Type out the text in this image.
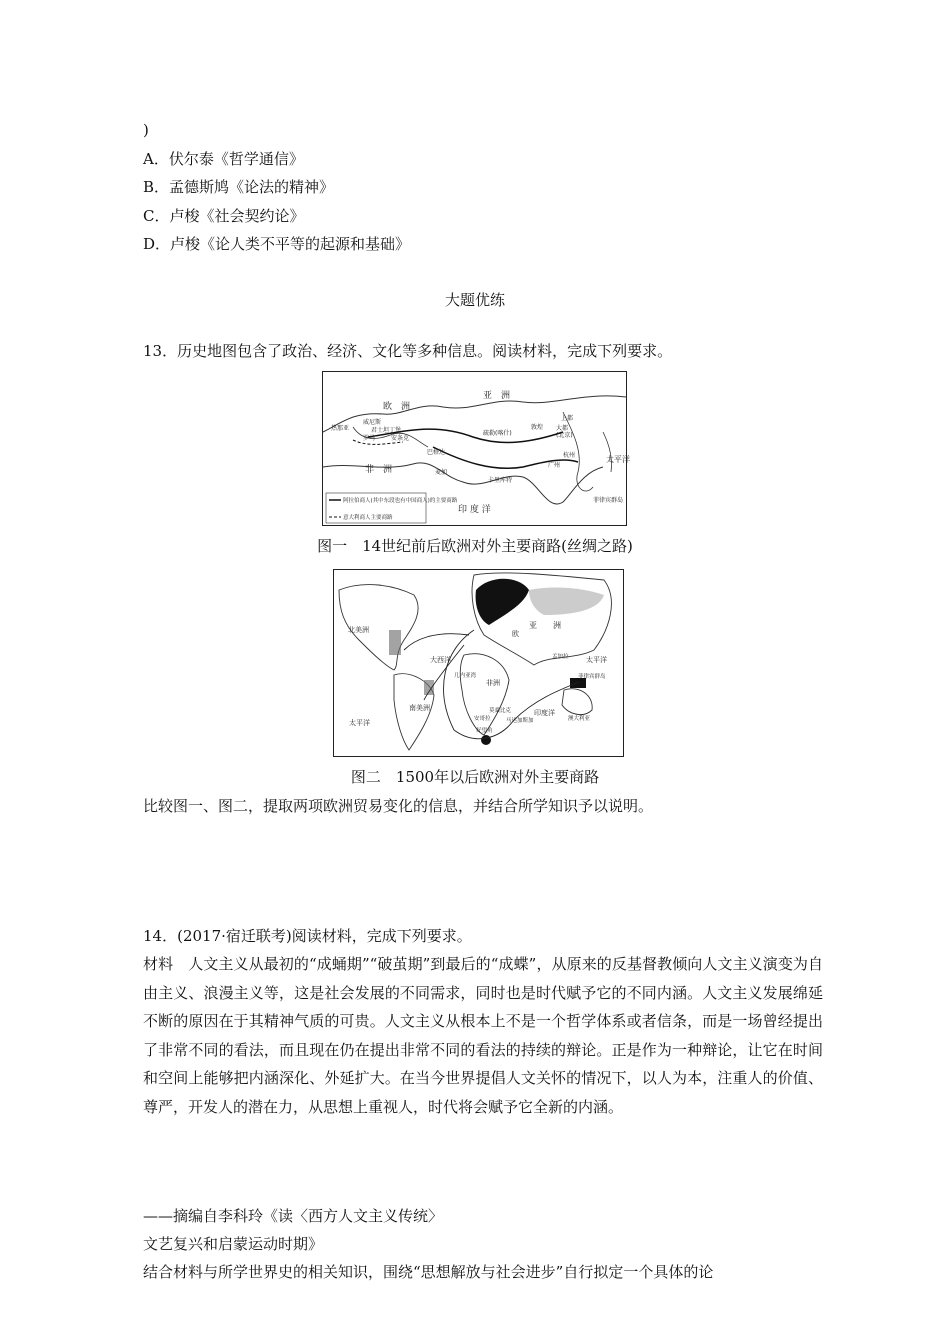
)
A．伏尔泰《哲学通信》
B．孟德斯鸠《论法的精神》
C．卢梭《社会契约论》
D．卢梭《论人类不平等的起源和基础》
大题优练
13．历史地图包含了政治、经济、文化等多种信息。阅读材料，完成下列要求。
阿拉伯商人(其中东段也有中国商人)的主要商路
意大利商人主要商路
亚　洲
欧　洲
非　洲
印 度 洋
太平洋
热那亚
威尼斯
君士坦丁堡
罗马	安条克
巴格达
麦加
疏勒(喀什)
敦煌
上都
大都
(北京)
杭州
广州
卡里库特
菲律宾群岛
图一　14世纪前后欧洲对外主要商路(丝绸之路)
北美洲
南美洲
大西洋
太平洋
太平洋
印度洋
非洲
亚　　洲
欧
几内亚湾
莫桑比克
马达加斯加
孟加拉
菲律宾群岛
澳大利亚
好望角
安哥拉
图二　1500年以后欧洲对外主要商路
比较图一、图二，提取两项欧洲贸易变化的信息，并结合所学知识予以说明。
14．(2017·宿迁联考)阅读材料，完成下列要求。
材料　人文主义从最初的“成蛹期”“破茧期”到最后的“成蝶”，从原来的反基督教倾向人文主义演变为自由主义、浪漫主义等，这是社会发展的不同需求，同时也是时代赋予它的不同内涵。人文主义发展绵延不断的原因在于其精神气质的可贵。人文主义从根本上不是一个哲学体系或者信条，而是一场曾经提出了非常不同的看法，而且现在仍在提出非常不同的看法的持续的辩论。正是作为一种辩论，让它在时间和空间上能够把内涵深化、外延扩大。在当今世界提倡人文关怀的情况下，以人为本，注重人的价值、尊严，开发人的潜在力，从思想上重视人，时代将会赋予它全新的内涵。
——摘编自李科玲《读〈西方人文主义传统〉
文艺复兴和启蒙运动时期》
结合材料与所学世界史的相关知识，围绕“思想解放与社会进步”自行拟定一个具体的论
